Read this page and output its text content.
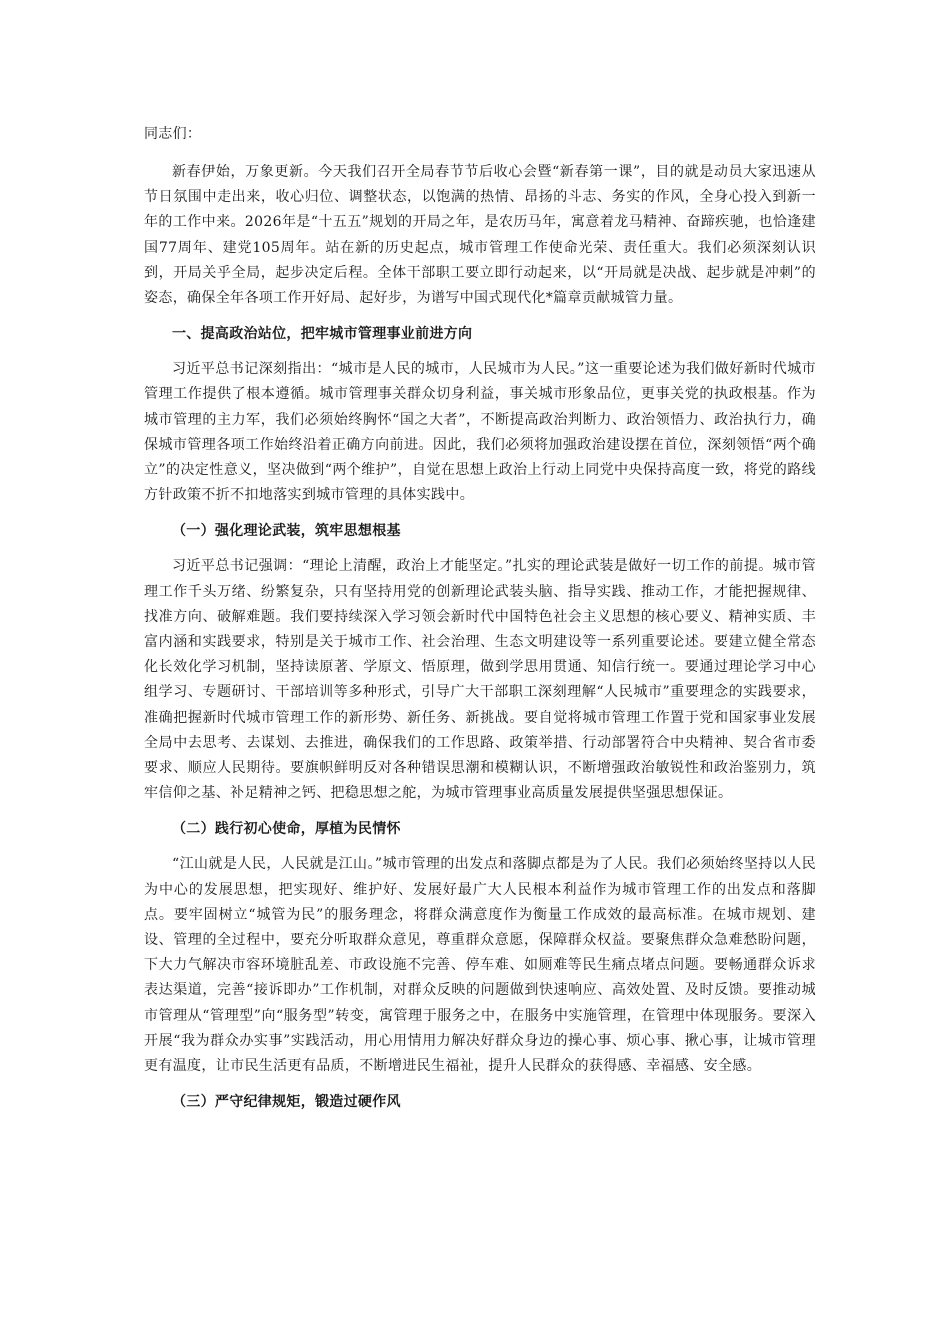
同志们：

新春伊始，万象更新。今天我们召开全局春节节后收心会暨“新春第一课”，目的就是动员大家迅速从节日氛围中走出来，收心归位、调整状态，以饱满的热情、昂扬的斗志、务实的作风，全身心投入到新一年的工作中来。2026年是“十五五”规划的开局之年，是农历马年，寓意着龙马精神、奋蹄疾驰，也恰逢建国77周年、建党105周年。站在新的历史起点，城市管理工作使命光荣、责任重大。我们必须深刻认识到，开局关乎全局，起步决定后程。全体干部职工要立即行动起来，以“开局就是决战、起步就是冲刺”的姿态，确保全年各项工作开好局、起好步，为谱写中国式现代化*篇章贡献城管力量。

一、提高政治站位，把牢城市管理事业前进方向

习近平总书记深刻指出：“城市是人民的城市，人民城市为人民。”这一重要论述为我们做好新时代城市管理工作提供了根本遵循。城市管理事关群众切身利益，事关城市形象品位，更事关党的执政根基。作为城市管理的主力军，我们必须始终胸怀“国之大者”，不断提高政治判断力、政治领悟力、政治执行力，确保城市管理各项工作始终沿着正确方向前进。因此，我们必须将加强政治建设摆在首位，深刻领悟“两个确立”的决定性意义，坚决做到“两个维护”，自觉在思想上政治上行动上同党中央保持高度一致，将党的路线方针政策不折不扣地落实到城市管理的具体实践中。

（一）强化理论武装，筑牢思想根基

习近平总书记强调：“理论上清醒，政治上才能坚定。”扎实的理论武装是做好一切工作的前提。城市管理工作千头万绪、纷繁复杂，只有坚持用党的创新理论武装头脑、指导实践、推动工作，才能把握规律、找准方向、破解难题。我们要持续深入学习领会新时代中国特色社会主义思想的核心要义、精神实质、丰富内涵和实践要求，特别是关于城市工作、社会治理、生态文明建设等一系列重要论述。要建立健全常态化长效化学习机制，坚持读原著、学原文、悟原理，做到学思用贯通、知信行统一。要通过理论学习中心组学习、专题研讨、干部培训等多种形式，引导广大干部职工深刻理解“人民城市”重要理念的实践要求，准确把握新时代城市管理工作的新形势、新任务、新挑战。要自觉将城市管理工作置于党和国家事业发展全局中去思考、去谋划、去推进，确保我们的工作思路、政策举措、行动部署符合中央精神、契合省市委要求、顺应人民期待。要旗帜鲜明反对各种错误思潮和模糊认识，不断增强政治敏锐性和政治鉴别力，筑牢信仰之基、补足精神之钙、把稳思想之舵，为城市管理事业高质量发展提供坚强思想保证。

（二）践行初心使命，厚植为民情怀

“江山就是人民，人民就是江山。”城市管理的出发点和落脚点都是为了人民。我们必须始终坚持以人民为中心的发展思想，把实现好、维护好、发展好最广大人民根本利益作为城市管理工作的出发点和落脚点。要牢固树立“城管为民”的服务理念，将群众满意度作为衡量工作成效的最高标准。在城市规划、建设、管理的全过程中，要充分听取群众意见，尊重群众意愿，保障群众权益。要聚焦群众急难愁盼问题，下大力气解决市容环境脏乱差、市政设施不完善、停车难、如厕难等民生痛点堵点问题。要畅通群众诉求表达渠道，完善“接诉即办”工作机制，对群众反映的问题做到快速响应、高效处置、及时反馈。要推动城市管理从“管理型”向“服务型”转变，寓管理于服务之中，在服务中实施管理，在管理中体现服务。要深入开展“我为群众办实事”实践活动，用心用情用力解决好群众身边的操心事、烦心事、揪心事，让城市管理更有温度，让市民生活更有品质，不断增进民生福祉，提升人民群众的获得感、幸福感、安全感。

（三）严守纪律规矩，锻造过硬作风
